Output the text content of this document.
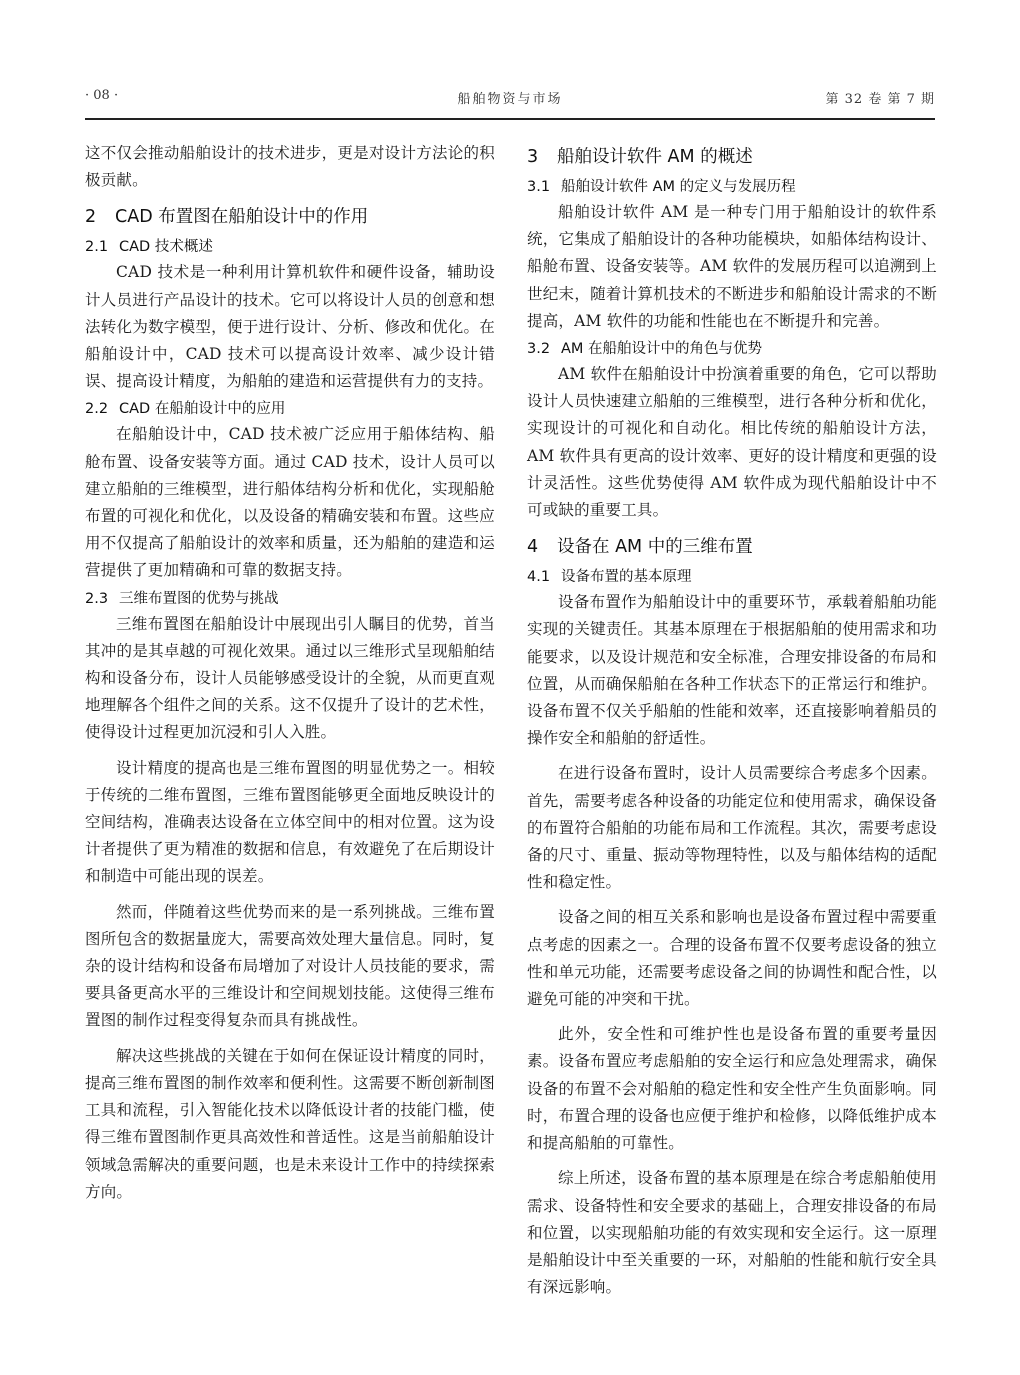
· 08 ·	船舶物资与市场	第 32 卷 第 7 期

这不仅会推动船舶设计的技术进步，更是对设计方法论的积极贡献。

2 CAD 布置图在船舶设计中的作用
2.1 CAD 技术概述

CAD 技术是一种利用计算机软件和硬件设备，辅助设计人员进行产品设计的技术。它可以将设计人员的创意和想法转化为数字模型，便于进行设计、分析、修改和优化。在船舶设计中，CAD 技术可以提高设计效率、减少设计错误、提高设计精度，为船舶的建造和运营提供有力的支持。

2.2 CAD 在船舶设计中的应用

在船舶设计中，CAD 技术被广泛应用于船体结构、船舱布置、设备安装等方面。通过 CAD 技术，设计人员可以建立船舶的三维模型，进行船体结构分析和优化，实现船舱布置的可视化和优化，以及设备的精确安装和布置。这些应用不仅提高了船舶设计的效率和质量，还为船舶的建造和运营提供了更加精确和可靠的数据支持。

2.3 三维布置图的优势与挑战

三维布置图在船舶设计中展现出引人瞩目的优势，首当其冲的是其卓越的可视化效果。通过以三维形式呈现船舶结构和设备分布，设计人员能够感受设计的全貌，从而更直观地理解各个组件之间的关系。这不仅提升了设计的艺术性，使得设计过程更加沉浸和引人入胜。

设计精度的提高也是三维布置图的明显优势之一。相较于传统的二维布置图，三维布置图能够更全面地反映设计的空间结构，准确表达设备在立体空间中的相对位置。这为设计者提供了更为精准的数据和信息，有效避免了在后期设计和制造中可能出现的误差。

然而，伴随着这些优势而来的是一系列挑战。三维布置图所包含的数据量庞大，需要高效处理大量信息。同时，复杂的设计结构和设备布局增加了对设计人员技能的要求，需要具备更高水平的三维设计和空间规划技能。这使得三维布置图的制作过程变得复杂而具有挑战性。

解决这些挑战的关键在于如何在保证设计精度的同时，提高三维布置图的制作效率和便利性。这需要不断创新制图工具和流程，引入智能化技术以降低设计者的技能门槛，使得三维布置图制作更具高效性和普适性。这是当前船舶设计领域急需解决的重要问题，也是未来设计工作中的持续探索方向。

3 船舶设计软件 AM 的概述
3.1 船舶设计软件 AM 的定义与发展历程

船舶设计软件 AM 是一种专门用于船舶设计的软件系统，它集成了船舶设计的各种功能模块，如船体结构设计、船舱布置、设备安装等。AM 软件的发展历程可以追溯到上世纪末，随着计算机技术的不断进步和船舶设计需求的不断提高，AM 软件的功能和性能也在不断提升和完善。

3.2 AM 在船舶设计中的角色与优势

AM 软件在船舶设计中扮演着重要的角色，它可以帮助设计人员快速建立船舶的三维模型，进行各种分析和优化，实现设计的可视化和自动化。相比传统的船舶设计方法，AM 软件具有更高的设计效率、更好的设计精度和更强的设计灵活性。这些优势使得 AM 软件成为现代船舶设计中不可或缺的重要工具。

4 设备在 AM 中的三维布置
4.1 设备布置的基本原理

设备布置作为船舶设计中的重要环节，承载着船舶功能实现的关键责任。其基本原理在于根据船舶的使用需求和功能要求，以及设计规范和安全标准，合理安排设备的布局和位置，从而确保船舶在各种工作状态下的正常运行和维护。设备布置不仅关乎船舶的性能和效率，还直接影响着船员的操作安全和船舶的舒适性。

在进行设备布置时，设计人员需要综合考虑多个因素。首先，需要考虑各种设备的功能定位和使用需求，确保设备的布置符合船舶的功能布局和工作流程。其次，需要考虑设备的尺寸、重量、振动等物理特性，以及与船体结构的适配性和稳定性。

设备之间的相互关系和影响也是设备布置过程中需要重点考虑的因素之一。合理的设备布置不仅要考虑设备的独立性和单元功能，还需要考虑设备之间的协调性和配合性，以避免可能的冲突和干扰。

此外，安全性和可维护性也是设备布置的重要考量因素。设备布置应考虑船舶的安全运行和应急处理需求，确保设备的布置不会对船舶的稳定性和安全性产生负面影响。同时，布置合理的设备也应便于维护和检修，以降低维护成本和提高船舶的可靠性。

综上所述，设备布置的基本原理是在综合考虑船舶使用需求、设备特性和安全要求的基础上，合理安排设备的布局和位置，以实现船舶功能的有效实现和安全运行。这一原理是船舶设计中至关重要的一环，对船舶的性能和航行安全具有深远影响。
